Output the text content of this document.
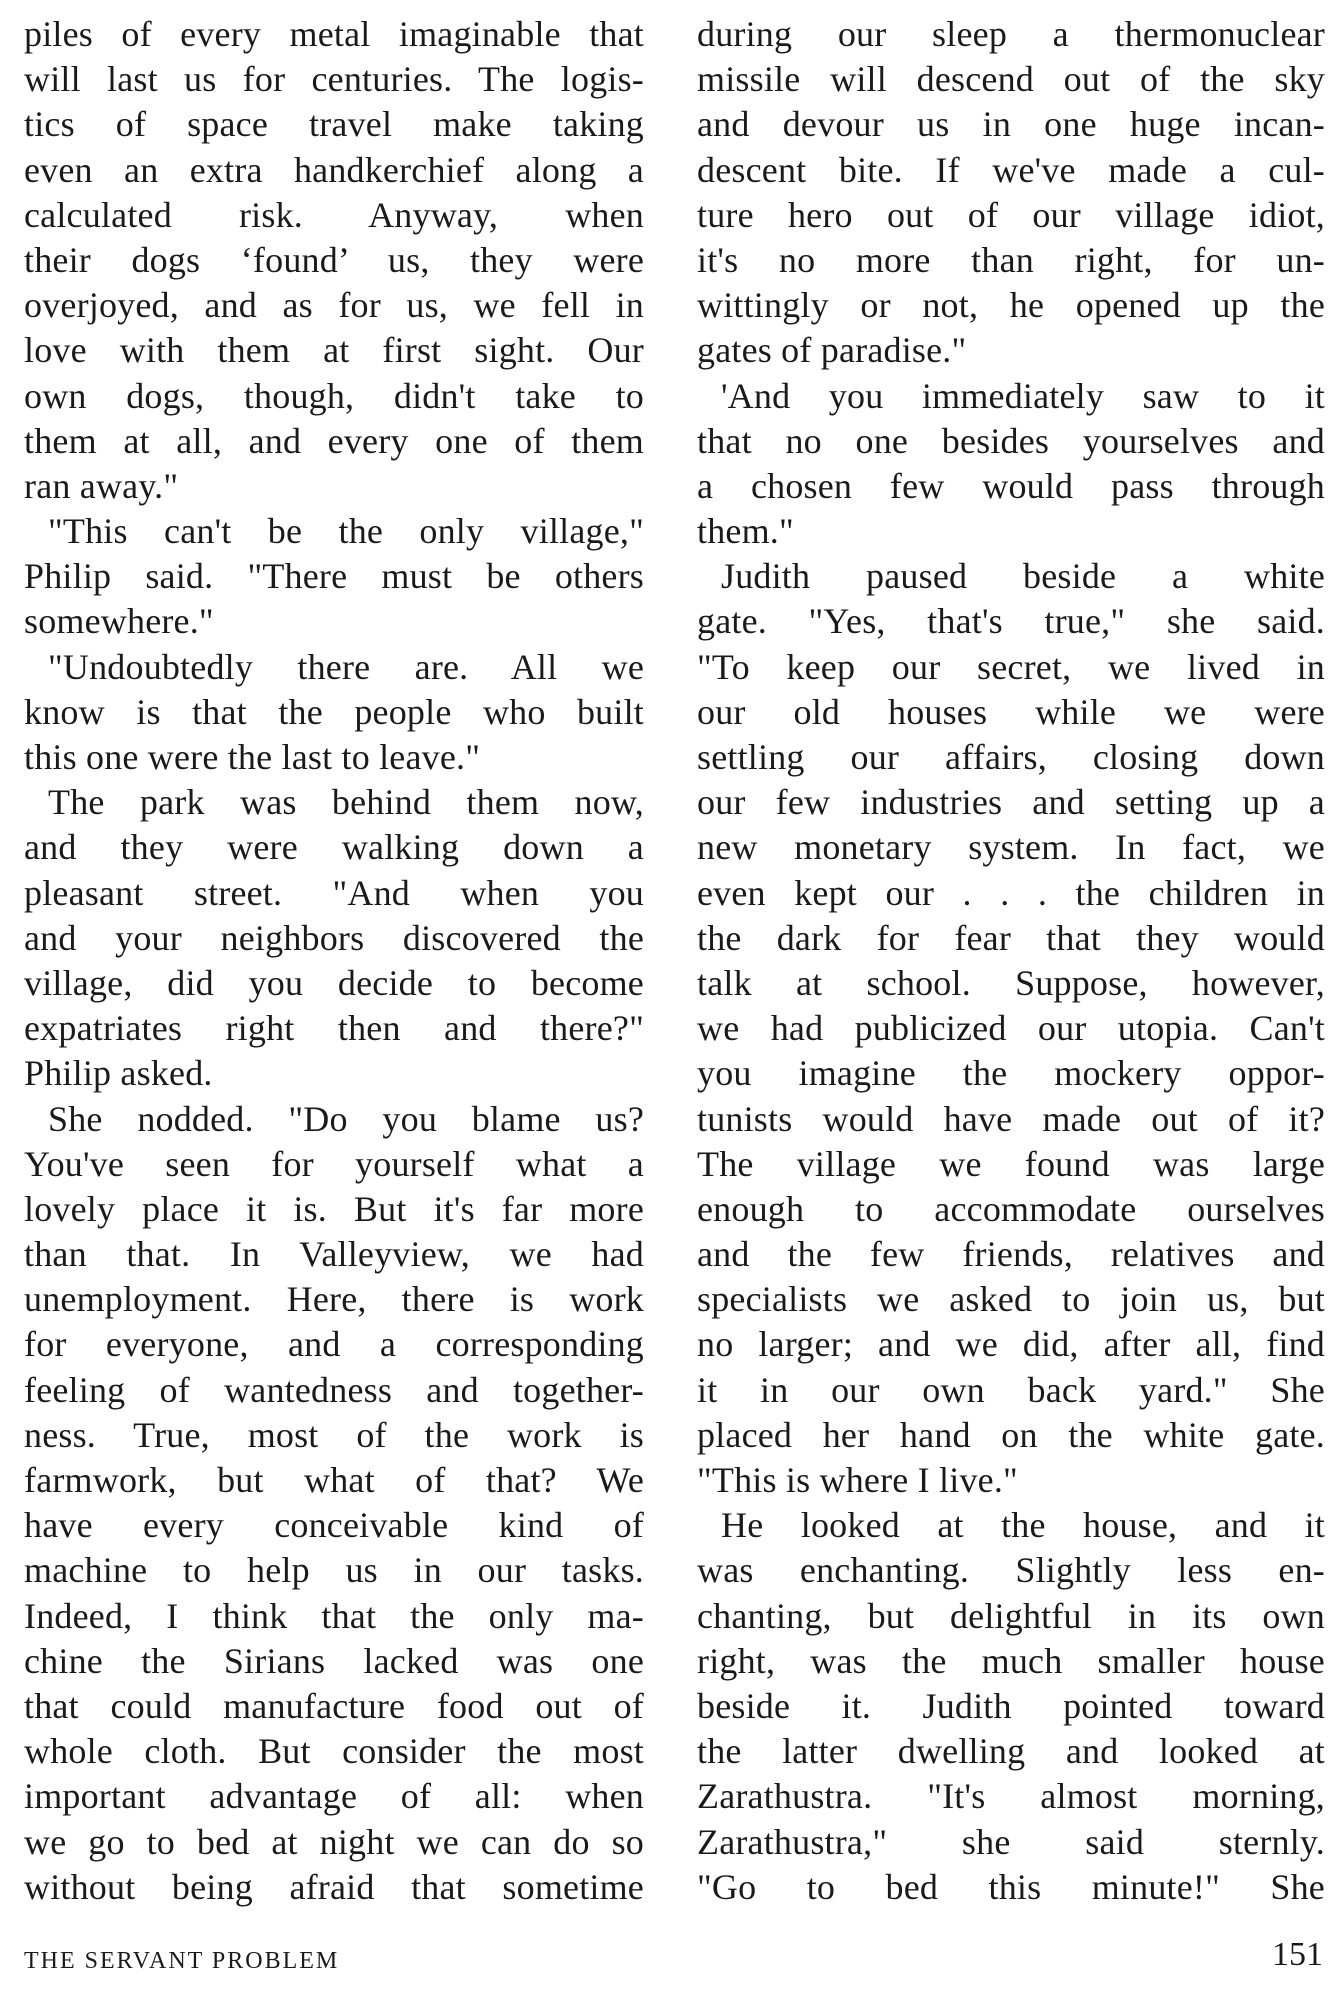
piles of every metal imaginable that
will last us for centuries. The logis-
tics of space travel make taking
even an extra handkerchief along a
calculated risk. Anyway, when
their dogs ‘found’ us, they were
overjoyed, and as for us, we fell in
love with them at first sight. Our
own dogs, though, didn't take to
them at all, and every one of them
ran away."
"This can't be the only village,"
Philip said. "There must be others
somewhere."
"Undoubtedly there are. All we
know is that the people who built
this one were the last to leave."
The park was behind them now,
and they were walking down a
pleasant street. "And when you
and your neighbors discovered the
village, did you decide to become
expatriates right then and there?"
Philip asked.
She nodded. "Do you blame us?
You've seen for yourself what a
lovely place it is. But it's far more
than that. In Valleyview, we had
unemployment. Here, there is work
for everyone, and a corresponding
feeling of wantedness and together-
ness. True, most of the work is
farmwork, but what of that? We
have every conceivable kind of
machine to help us in our tasks.
Indeed, I think that the only ma-
chine the Sirians lacked was one
that could manufacture food out of
whole cloth. But consider the most
important advantage of all: when
we go to bed at night we can do so
without being afraid that sometime
during our sleep a thermonuclear
missile will descend out of the sky
and devour us in one huge incan-
descent bite. If we've made a cul-
ture hero out of our village idiot,
it's no more than right, for un-
wittingly or not, he opened up the
gates of paradise."
'And you immediately saw to it
that no one besides yourselves and
a chosen few would pass through
them."
Judith paused beside a white
gate. "Yes, that's true," she said.
"To keep our secret, we lived in
our old houses while we were
settling our affairs, closing down
our few industries and setting up a
new monetary system. In fact, we
even kept our . . . the children in
the dark for fear that they would
talk at school. Suppose, however,
we had publicized our utopia. Can't
you imagine the mockery oppor-
tunists would have made out of it?
The village we found was large
enough to accommodate ourselves
and the few friends, relatives and
specialists we asked to join us, but
no larger; and we did, after all, find
it in our own back yard." She
placed her hand on the white gate.
"This is where I live."
He looked at the house, and it
was enchanting. Slightly less en-
chanting, but delightful in its own
right, was the much smaller house
beside it. Judith pointed toward
the latter dwelling and looked at
Zarathustra. "It's almost morning,
Zarathustra," she said sternly.
"Go to bed this minute!" She
THE SERVANT PROBLEM	151
